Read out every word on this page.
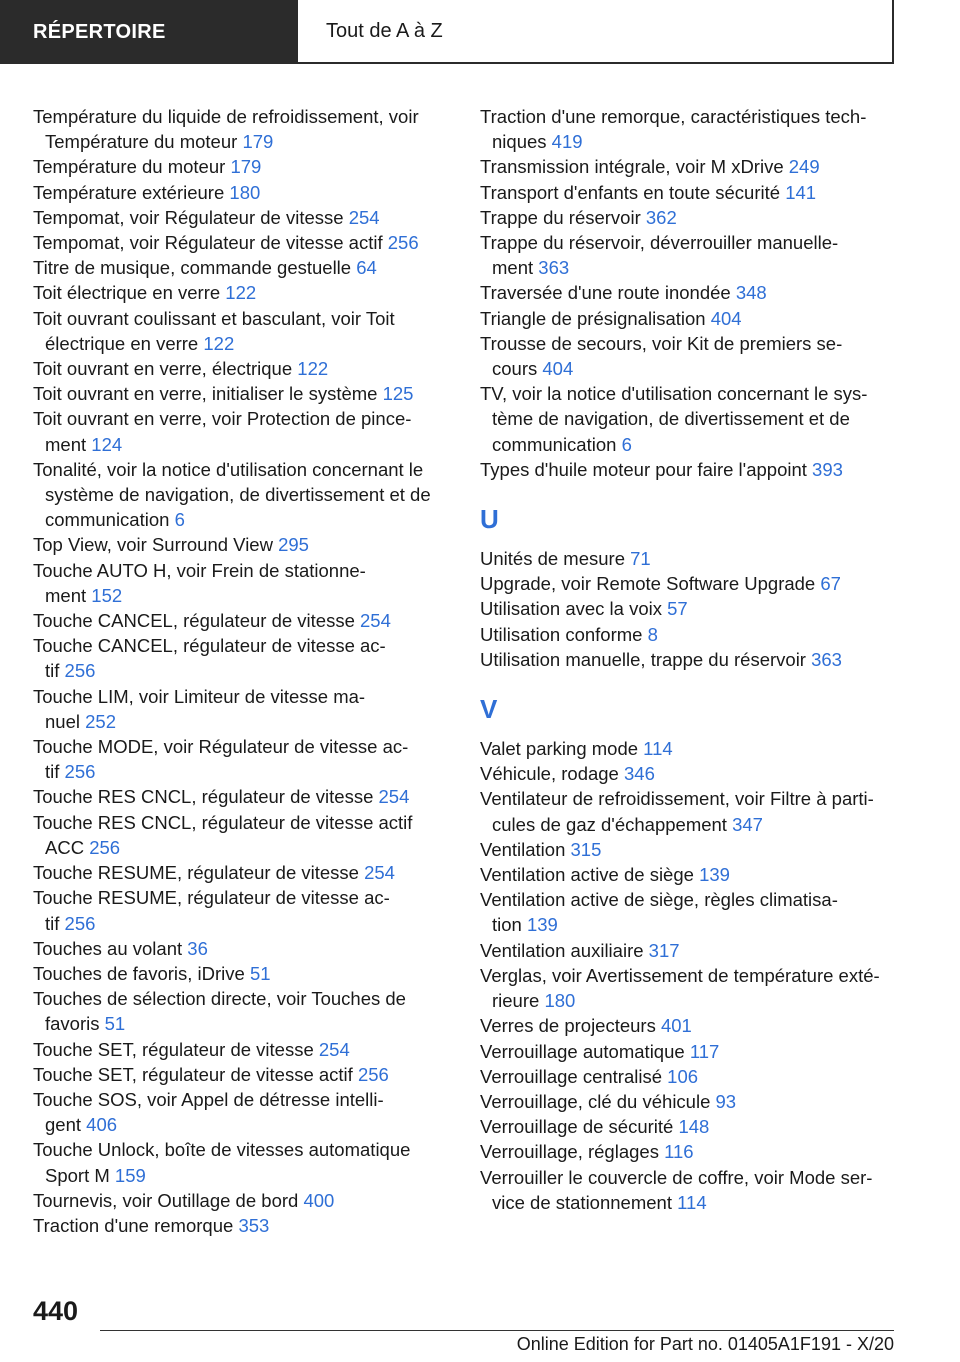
RÉPERTOIRE	Tout de A à Z
Température du liquide de refroidissement, voir
Température du moteur 179
Température du moteur 179
Température extérieure 180
Tempomat, voir Régulateur de vitesse 254
Tempomat, voir Régulateur de vitesse actif 256
Titre de musique, commande gestuelle 64
Toit électrique en verre 122
Toit ouvrant coulissant et basculant, voir Toit
électrique en verre 122
Toit ouvrant en verre, électrique 122
Toit ouvrant en verre, initialiser le système 125
Toit ouvrant en verre, voir Protection de pince-
ment 124
Tonalité, voir la notice d'utilisation concernant le
système de navigation, de divertissement et de
communication 6
Top View, voir Surround View 295
Touche AUTO H, voir Frein de stationne-
ment 152
Touche CANCEL, régulateur de vitesse 254
Touche CANCEL, régulateur de vitesse ac-
tif 256
Touche LIM, voir Limiteur de vitesse ma-
nuel 252
Touche MODE, voir Régulateur de vitesse ac-
tif 256
Touche RES CNCL, régulateur de vitesse 254
Touche RES CNCL, régulateur de vitesse actif
ACC 256
Touche RESUME, régulateur de vitesse 254
Touche RESUME, régulateur de vitesse ac-
tif 256
Touches au volant 36
Touches de favoris, iDrive 51
Touches de sélection directe, voir Touches de
favoris 51
Touche SET, régulateur de vitesse 254
Touche SET, régulateur de vitesse actif 256
Touche SOS, voir Appel de détresse intelli-
gent 406
Touche Unlock, boîte de vitesses automatique
Sport M 159
Tournevis, voir Outillage de bord 400
Traction d'une remorque 353
Traction d'une remorque, caractéristiques tech-
niques 419
Transmission intégrale, voir M xDrive 249
Transport d'enfants en toute sécurité 141
Trappe du réservoir 362
Trappe du réservoir, déverrouiller manuelle-
ment 363
Traversée d'une route inondée 348
Triangle de présignalisation 404
Trousse de secours, voir Kit de premiers se-
cours 404
TV, voir la notice d'utilisation concernant le sys-
tème de navigation, de divertissement et de
communication 6
Types d'huile moteur pour faire l'appoint 393
U
Unités de mesure 71
Upgrade, voir Remote Software Upgrade 67
Utilisation avec la voix 57
Utilisation conforme 8
Utilisation manuelle, trappe du réservoir 363
V
Valet parking mode 114
Véhicule, rodage 346
Ventilateur de refroidissement, voir Filtre à parti-
cules de gaz d'échappement 347
Ventilation 315
Ventilation active de siège 139
Ventilation active de siège, règles climatisa-
tion 139
Ventilation auxiliaire 317
Verglas, voir Avertissement de température exté-
rieure 180
Verres de projecteurs 401
Verrouillage automatique 117
Verrouillage centralisé 106
Verrouillage, clé du véhicule 93
Verrouillage de sécurité 148
Verrouillage, réglages 116
Verrouiller le couvercle de coffre, voir Mode ser-
vice de stationnement 114
440
Online Edition for Part no. 01405A1F191 - X/20
